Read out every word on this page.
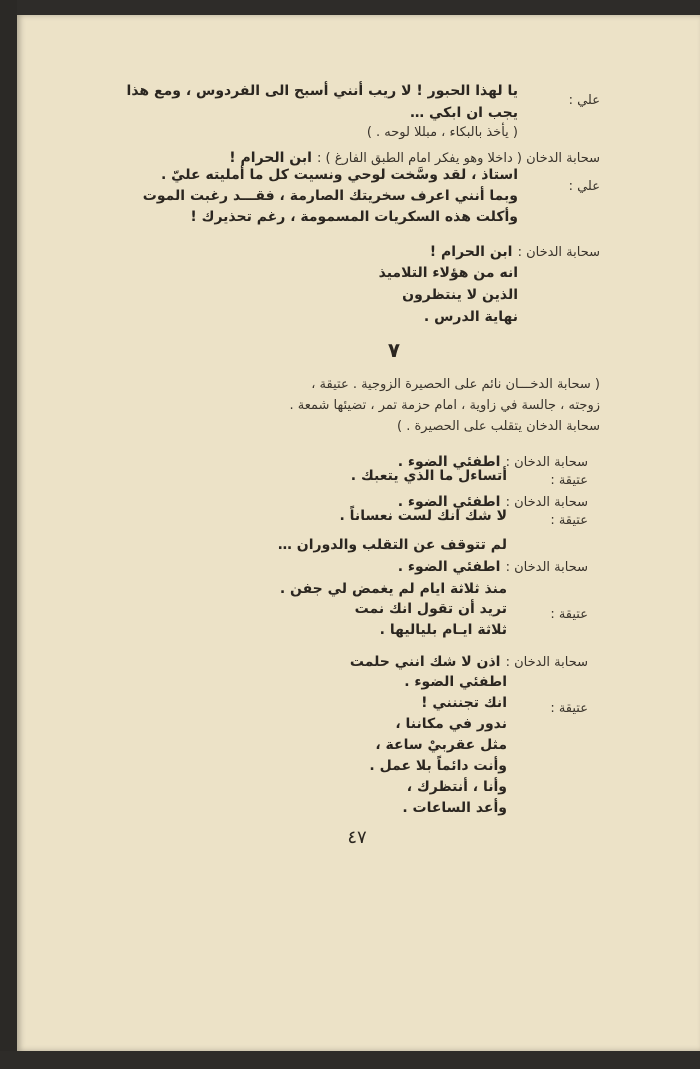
علي :
يا لهذا الحبور ! لا ريب أنني أسبح الى الفردوس ، ومع هذا
يجب ان ابكي …
( يأخذ بالبكاء ، مبللا لوحه . )
سحابة الدخان ( داخلا وهو يفكر امام الطبق الفارغ ) : ابن الحرام !
علي :
استاذ ، لقد وسَّخت لوحي ونسيت كل ما أمليته عليّ .
وبما أنني اعرف سخريتك الصارمة ، فقـــد رغبت الموت
وأكلت هذه السكريات المسمومة ، رغم تحذيرك !
سحابة الدخان : ابن الحرام !
انه من هؤلاء التلاميذ
الذين لا ينتظرون
نهاية الدرس .
٧
( سحابة الدخـــان نائم على الحصيرة الزوجية . عتيقة ،
زوجته ، جالسة في زاوية ، امام حزمة تمر ، تضيئها شمعة .
سحابة الدخان يتقلب على الحصيرة . )
سحابة الدخان : اطفئي الضوء .
عتيقة :
أتساءل ما الذي يتعبك .
سحابة الدخان : اطفئي الضوء .
عتيقة :
لا شك انك لست نعساناً .
لم تتوقف عن التقلب والدوران …
سحابة الدخان : اطفئي الضوء .
منذ ثلاثة ايام لم يغمض لي جفن .
عتيقة :
تريد أن تقول انك نمت
ثلاثة ايـام بلياليها .
سحابة الدخان : اذن لا شك انني حلمت
اطفئي الضوء .
عتيقة :
انك تجننني !
ندور في مكاننا ،
مثل عقربيْ ساعة ،
وأنت دائماً بلا عمل .
وأنا ، أنتظرك ،
وأعد الساعات .
٤٧
